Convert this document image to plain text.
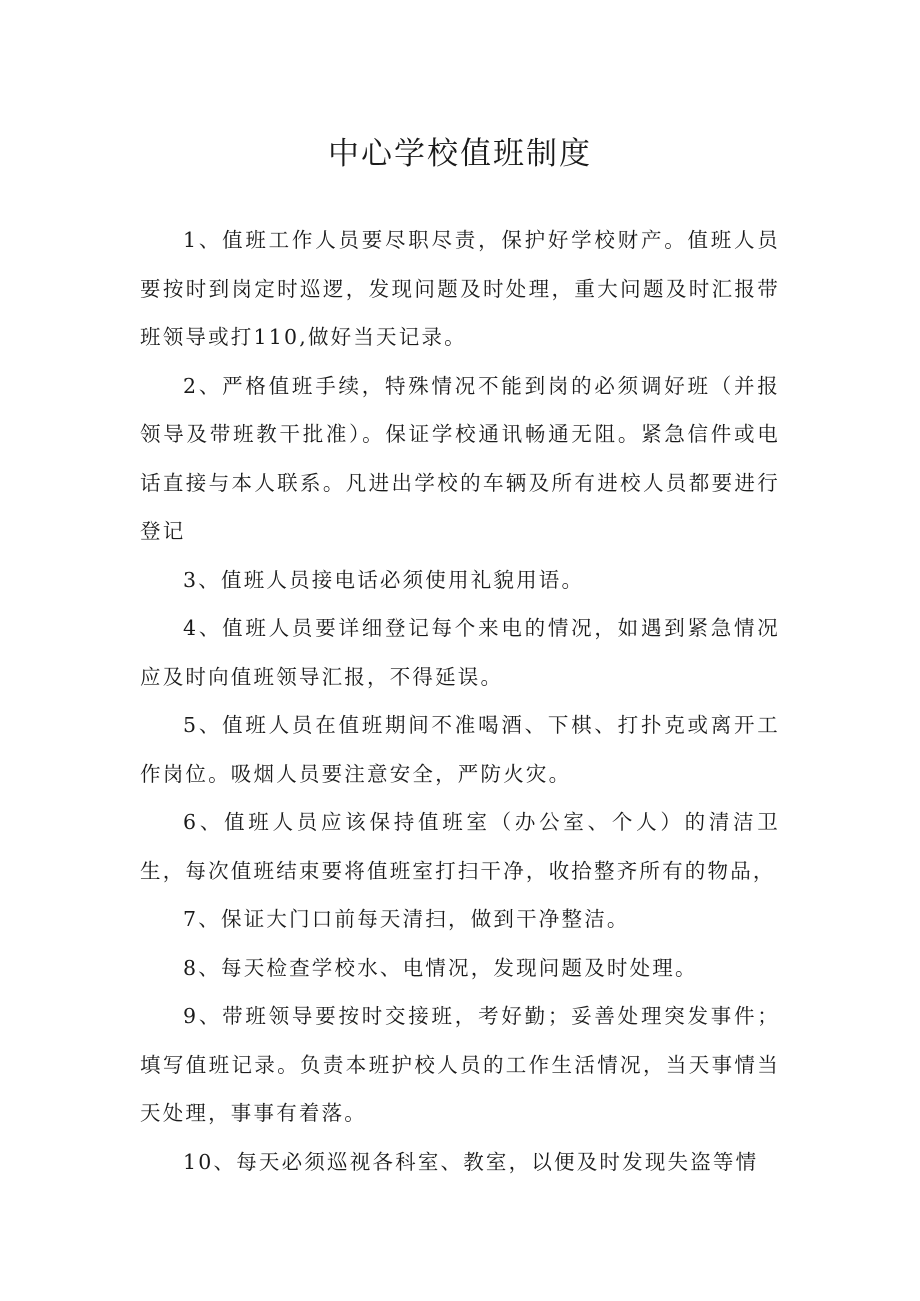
中心学校值班制度

1、值班工作人员要尽职尽责，保护好学校财产。值班人员要按时到岗定时巡逻，发现问题及时处理，重大问题及时汇报带班领导或打110,做好当天记录。

2、严格值班手续，特殊情况不能到岗的必须调好班（并报领导及带班教干批准）。保证学校通讯畅通无阻。紧急信件或电话直接与本人联系。凡进出学校的车辆及所有进校人员都要进行登记

3、值班人员接电话必须使用礼貌用语。

4、值班人员要详细登记每个来电的情况，如遇到紧急情况应及时向值班领导汇报，不得延误。

5、值班人员在值班期间不准喝酒、下棋、打扑克或离开工作岗位。吸烟人员要注意安全，严防火灾。

6、值班人员应该保持值班室（办公室、个人）的清洁卫生，每次值班结束要将值班室打扫干净，收拾整齐所有的物品，

7、保证大门口前每天清扫，做到干净整洁。

8、每天检查学校水、电情况，发现问题及时处理。

9、带班领导要按时交接班，考好勤；妥善处理突发事件；填写值班记录。负责本班护校人员的工作生活情况，当天事情当天处理，事事有着落。

10、每天必须巡视各科室、教室，以便及时发现失盗等情
